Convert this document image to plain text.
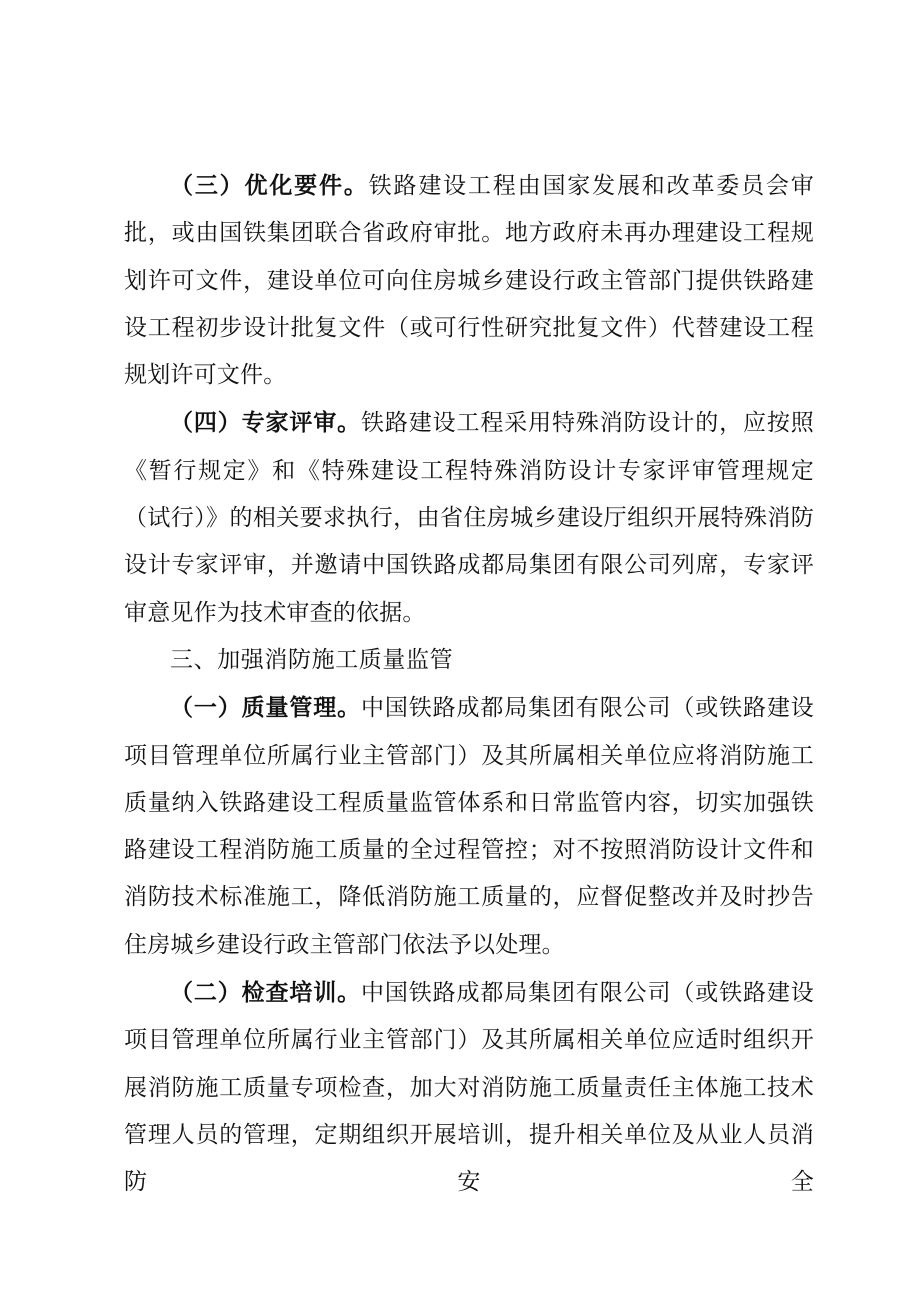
（三）优化要件。铁路建设工程由国家发展和改革委员会审批，或由国铁集团联合省政府审批。地方政府未再办理建设工程规划许可文件，建设单位可向住房城乡建设行政主管部门提供铁路建设工程初步设计批复文件（或可行性研究批复文件）代替建设工程规划许可文件。

（四）专家评审。铁路建设工程采用特殊消防设计的，应按照《暂行规定》和《特殊建设工程特殊消防设计专家评审管理规定（试行）》的相关要求执行，由省住房城乡建设厅组织开展特殊消防设计专家评审，并邀请中国铁路成都局集团有限公司列席，专家评审意见作为技术审查的依据。

三、加强消防施工质量监管

（一）质量管理。中国铁路成都局集团有限公司（或铁路建设项目管理单位所属行业主管部门）及其所属相关单位应将消防施工质量纳入铁路建设工程质量监管体系和日常监管内容，切实加强铁路建设工程消防施工质量的全过程管控；对不按照消防设计文件和消防技术标准施工，降低消防施工质量的，应督促整改并及时抄告住房城乡建设行政主管部门依法予以处理。

（二）检查培训。中国铁路成都局集团有限公司（或铁路建设项目管理单位所属行业主管部门）及其所属相关单位应适时组织开展消防施工质量专项检查，加大对消防施工质量责任主体施工技术管理人员的管理，定期组织开展培训，提升相关单位及从业人员消防安全
